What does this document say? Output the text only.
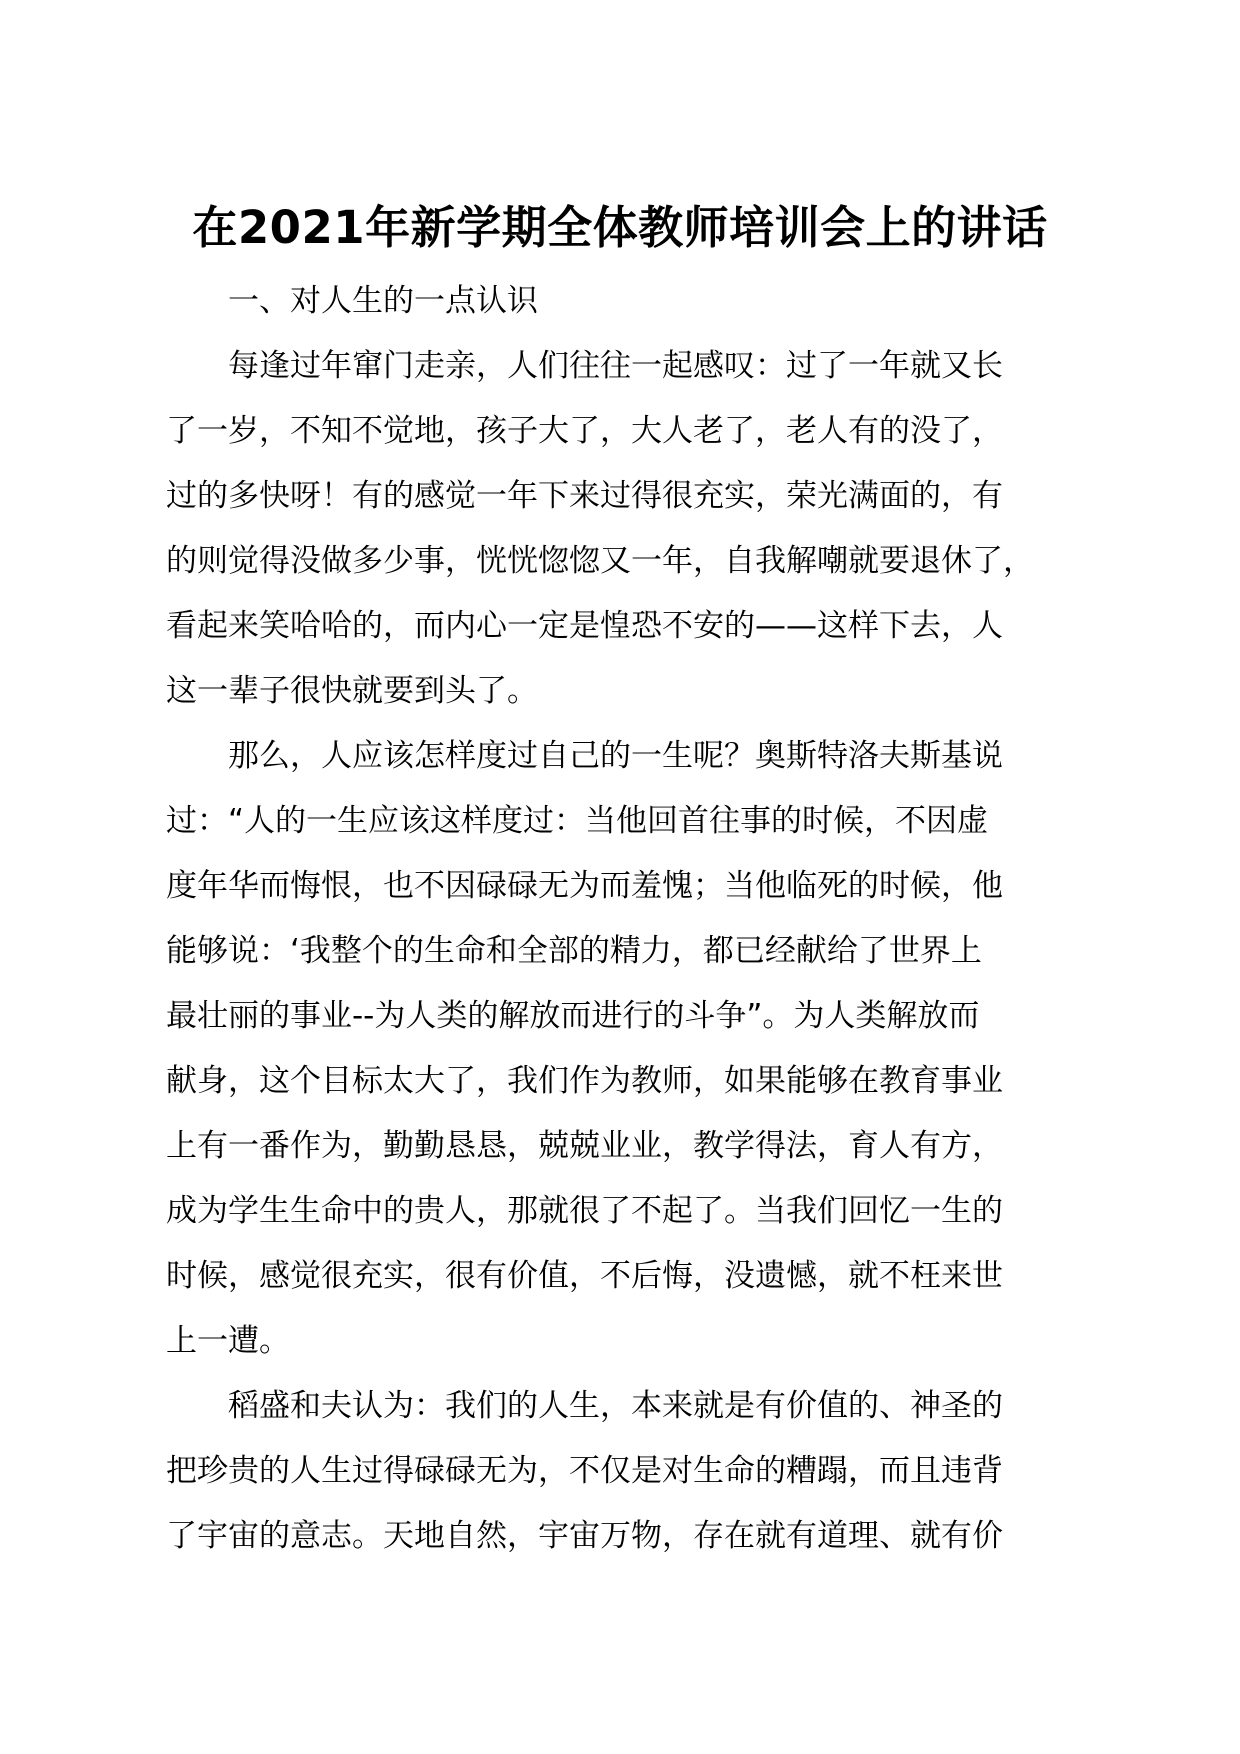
在2021年新学期全体教师培训会上的讲话
　　一、对人生的一点认识
　　每逢过年窜门走亲，人们往往一起感叹：过了一年就又长
了一岁，不知不觉地，孩子大了，大人老了，老人有的没了，
过的多快呀！有的感觉一年下来过得很充实，荣光满面的，有
的则觉得没做多少事，恍恍惚惚又一年，自我解嘲就要退休了，
看起来笑哈哈的，而内心一定是惶恐不安的——这样下去，人
这一辈子很快就要到头了。
　　那么，人应该怎样度过自己的一生呢？奥斯特洛夫斯基说
过：“人的一生应该这样度过：当他回首往事的时候，不因虚
度年华而悔恨，也不因碌碌无为而羞愧；当他临死的时候，他
能够说：‘我整个的生命和全部的精力，都已经献给了世界上
最壮丽的事业--为人类的解放而进行的斗争”。为人类解放而
献身，这个目标太大了，我们作为教师，如果能够在教育事业
上有一番作为，勤勤恳恳，兢兢业业，教学得法，育人有方，
成为学生生命中的贵人，那就很了不起了。当我们回忆一生的
时候，感觉很充实，很有价值，不后悔，没遗憾，就不枉来世
上一遭。
　　稻盛和夫认为：我们的人生，本来就是有价值的、神圣的
把珍贵的人生过得碌碌无为，不仅是对生命的糟蹋，而且违背
了宇宙的意志。天地自然，宇宙万物，存在就有道理、就有价
